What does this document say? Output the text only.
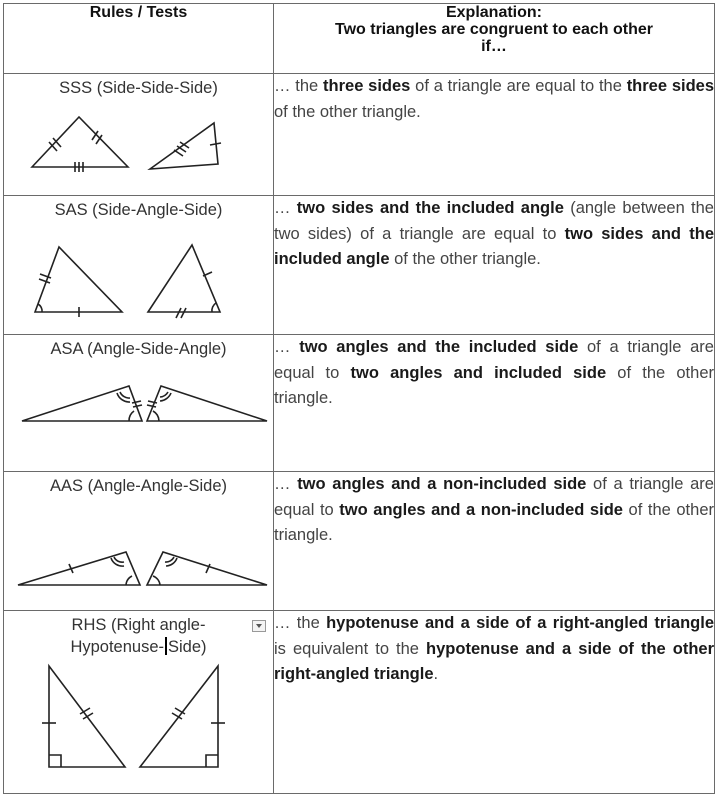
Rules / Tests	Explanation:
Two triangles are congruent to each other
if…

SSS (Side-Side-Side)	… the three sides of a triangle are equal to the three sides of the other triangle.

SAS (Side-Angle-Side)	… two sides and the included angle (angle between the two sides) of a triangle are equal to two sides and the included angle of the other triangle.

ASA (Angle-Side-Angle)	… two angles and the included side of a triangle are equal to two angles and included side of the other triangle.

AAS (Angle-Angle-Side)	… two angles and a non-included side of a triangle are equal to two angles and a non-included side of the other triangle.

RHS (Right angle-
Hypotenuse- Side)	… the hypotenuse and a side of a right-angled triangle is equivalent to the hypotenuse and a side of the other right-angled triangle.
